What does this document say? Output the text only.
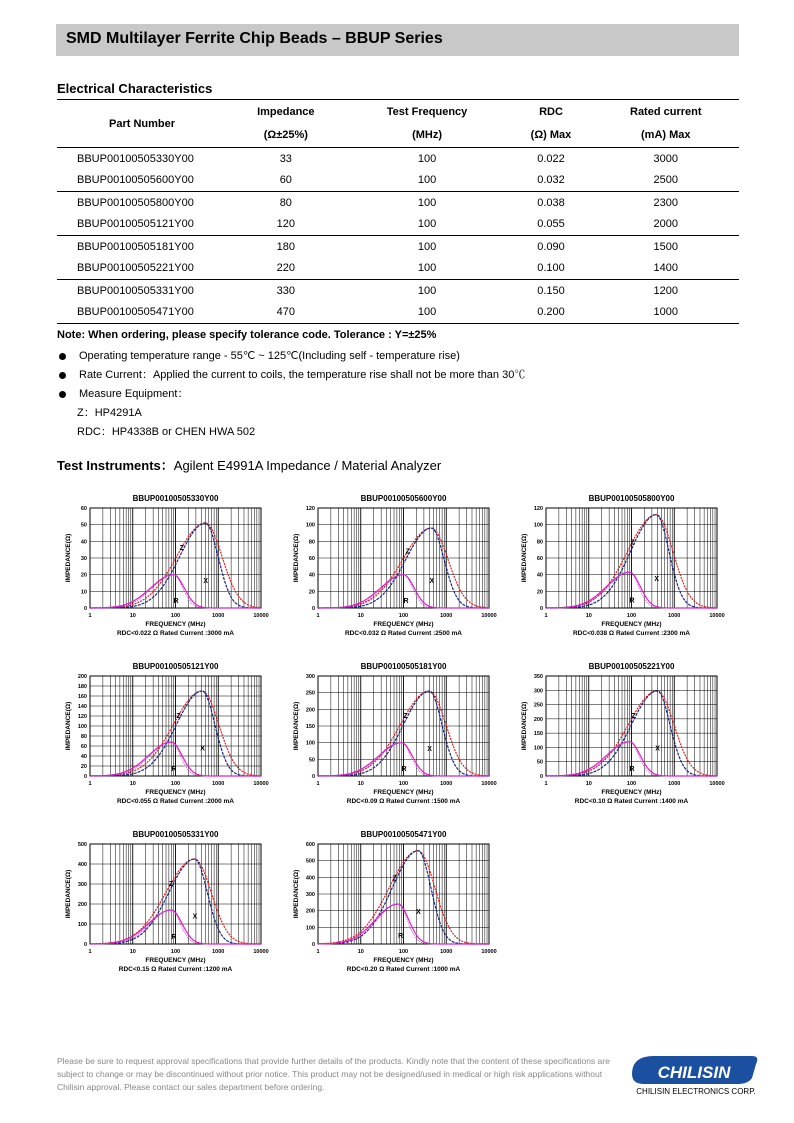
SMD Multilayer Ferrite Chip Beads – BBUP Series
Electrical Characteristics
Part Number	Impedance	Test Frequency	RDC	Rated current
	(Ω±25%)	(MHz)	(Ω) Max	(mA) Max
BBUP00100505330Y00	33	100	0.022	3000
BBUP00100505600Y00	60	100	0.032	2500
BBUP00100505800Y00	80	100	0.038	2300
BBUP00100505121Y00	120	100	0.055	2000
BBUP00100505181Y00	180	100	0.090	1500
BBUP00100505221Y00	220	100	0.100	1400
BBUP00100505331Y00	330	100	0.150	1200
BBUP00100505471Y00	470	100	0.200	1000
Note: When ordering, please specify tolerance code. Tolerance : Y=±25%
Operating temperature range - 55℃ ~ 125℃(Including self - temperature rise)
Rate Current：Applied the current to coils, the temperature rise shall not be more than 30℃
Measure Equipment：
Z：HP4291A
RDC：HP4338B or CHEN HWA 502
Test Instruments：Agilent E4991A Impedance / Material Analyzer
BBUP00100505330Y00
0
10
20
30
40
50
60
1	10	100	1000	10000
FREQUENCY (MHz)
IMPEDANCE(Ω)
RDC<0.022 Ω Rated Current :3000 mA
Z
R
X
BBUP00100505600Y00
0
20
40
60
80
100
120
1	10	100	1000	10000
FREQUENCY (MHz)
IMPEDANCE(Ω)
RDC<0.032 Ω Rated Current :2500 mA
Z
R
X
BBUP00100505800Y00
0
20
40
60
80
100
120
1	10	100	1000	10000
FREQUENCY (MHz)
IMPEDANCE(Ω)
RDC<0.038 Ω Rated Current :2300 mA
Z
R
X
BBUP00100505121Y00
0
20
40
60
80
100
120
140
160
180
200
1	10	100	1000	10000
FREQUENCY (MHz)
IMPEDANCE(Ω)
RDC<0.055 Ω Rated Current :2000 mA
Z
R
X
BBUP00100505181Y00
0
50
100
150
200
250
300
1	10	100	1000	10000
FREQUENCY (MHz)
IMPEDANCE(Ω)
RDC<0.09 Ω Rated Current :1500 mA
Z
R
X
BBUP00100505221Y00
0
50
100
150
200
250
300
350
1	10	100	1000	10000
FREQUENCY (MHz)
IMPEDANCE(Ω)
RDC<0.10 Ω Rated Current :1400 mA
Z
R
X
BBUP00100505331Y00
0
100
200
300
400
500
1	10	100	1000	10000
FREQUENCY (MHz)
IMPEDANCE(Ω)
RDC<0.15 Ω Rated Current :1200 mA
Z
R
X
BBUP00100505471Y00
0
100
200
300
400
500
600
1	10	100	1000	10000
FREQUENCY (MHz)
IMPEDANCE(Ω)
RDC<0.20 Ω Rated Current :1000 mA
Z
R
X
Please be sure to request approval specifications that provide further details of the products. Kindly note that the content of these specifications are subject to change or may be discontinued without prior notice. This product may not be designed/used in medical or high risk applications without Chilisin approval. Please contact our sales department before ordering.
CHILISIN
CHILISIN ELECTRONICS CORP.
